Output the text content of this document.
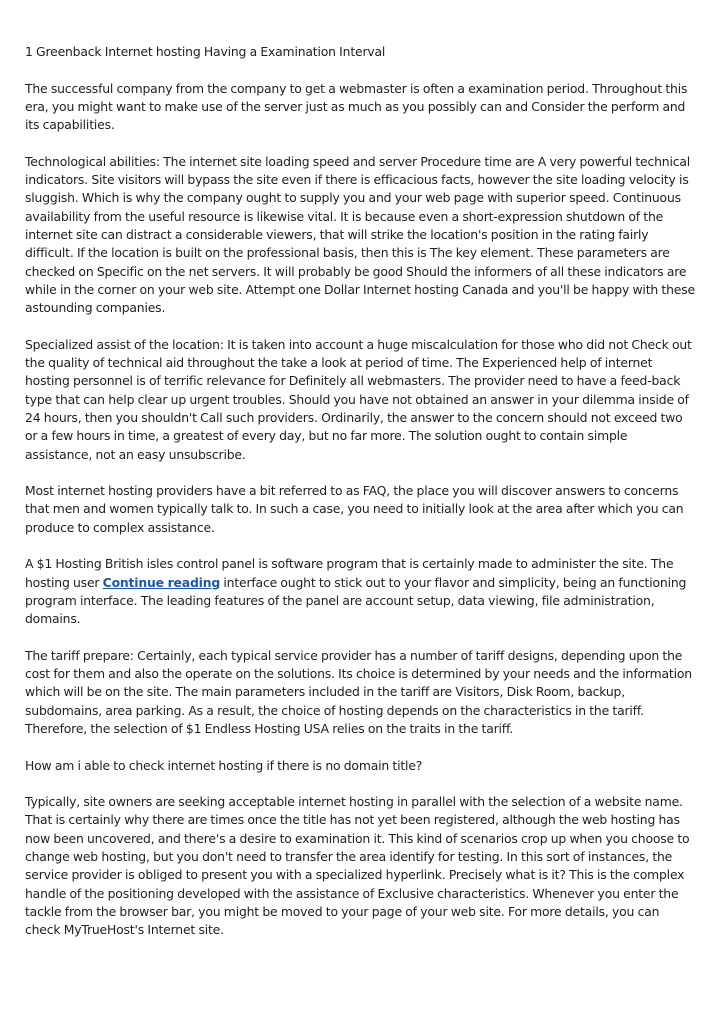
1 Greenback Internet hosting Having a Examination Interval

The successful company from the company to get a webmaster is often a examination period. Throughout this era, you might want to make use of the server just as much as you possibly can and Consider the perform and its capabilities.

Technological abilities: The internet site loading speed and server Procedure time are A very powerful technical indicators. Site visitors will bypass the site even if there is efficacious facts, however the site loading velocity is sluggish. Which is why the company ought to supply you and your web page with superior speed. Continuous availability from the useful resource is likewise vital. It is because even a short-expression shutdown of the internet site can distract a considerable viewers, that will strike the location's position in the rating fairly difficult. If the location is built on the professional basis, then this is The key element. These parameters are checked on Specific on the net servers. It will probably be good Should the informers of all these indicators are while in the corner on your web site. Attempt one Dollar Internet hosting Canada and you'll be happy with these astounding companies.

Specialized assist of the location: It is taken into account a huge miscalculation for those who did not Check out the quality of technical aid throughout the take a look at period of time. The Experienced help of internet hosting personnel is of terrific relevance for Definitely all webmasters. The provider need to have a feed-back type that can help clear up urgent troubles. Should you have not obtained an answer in your dilemma inside of 24 hours, then you shouldn't Call such providers. Ordinarily, the answer to the concern should not exceed two or a few hours in time, a greatest of every day, but no far more. The solution ought to contain simple assistance, not an easy unsubscribe.

Most internet hosting providers have a bit referred to as FAQ, the place you will discover answers to concerns that men and women typically talk to. In such a case, you need to initially look at the area after which you can produce to complex assistance.

A $1 Hosting British isles control panel is software program that is certainly made to administer the site. The hosting user Continue reading interface ought to stick out to your flavor and simplicity, being an functioning program interface. The leading features of the panel are account setup, data viewing, file administration, domains.

The tariff prepare: Certainly, each typical service provider has a number of tariff designs, depending upon the cost for them and also the operate on the solutions. Its choice is determined by your needs and the information which will be on the site. The main parameters included in the tariff are Visitors, Disk Room, backup, subdomains, area parking. As a result, the choice of hosting depends on the characteristics in the tariff. Therefore, the selection of $1 Endless Hosting USA relies on the traits in the tariff.

How am i able to check internet hosting if there is no domain title?

Typically, site owners are seeking acceptable internet hosting in parallel with the selection of a website name. That is certainly why there are times once the title has not yet been registered, although the web hosting has now been uncovered, and there's a desire to examination it. This kind of scenarios crop up when you choose to change web hosting, but you don't need to transfer the area identify for testing. In this sort of instances, the service provider is obliged to present you with a specialized hyperlink. Precisely what is it? This is the complex handle of the positioning developed with the assistance of Exclusive characteristics. Whenever you enter the tackle from the browser bar, you might be moved to your page of your web site. For more details, you can check MyTrueHost's Internet site.
